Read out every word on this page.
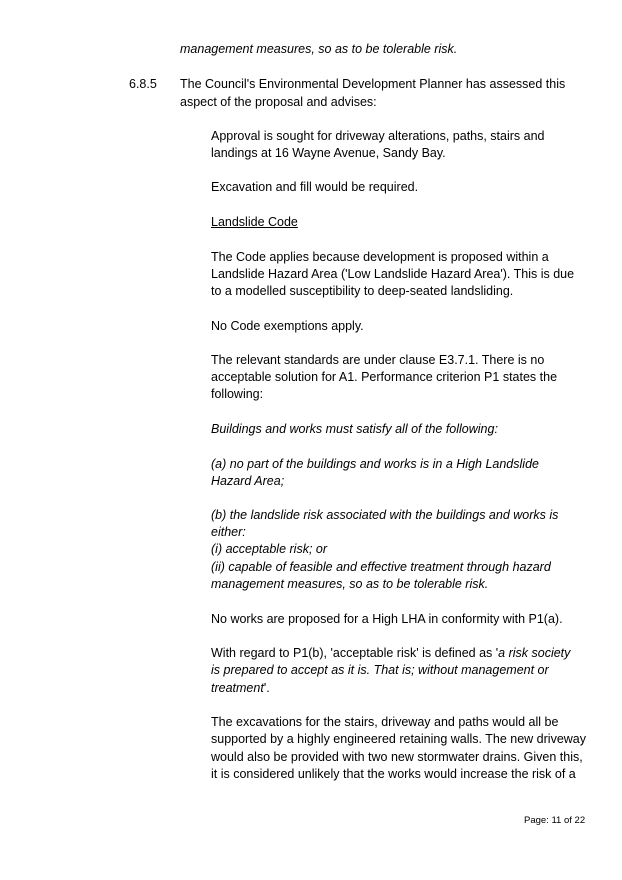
management measures, so as to be tolerable risk.
6.8.5 The Council's Environmental Development Planner has assessed this
aspect of the proposal and advises:
Approval is sought for driveway alterations, paths, stairs and
landings at 16 Wayne Avenue, Sandy Bay.
Excavation and fill would be required.
Landslide Code
The Code applies because development is proposed within a
Landslide Hazard Area ('Low Landslide Hazard Area'). This is due
to a modelled susceptibility to deep-seated landsliding.
No Code exemptions apply.
The relevant standards are under clause E3.7.1. There is no
acceptable solution for A1. Performance criterion P1 states the
following:
Buildings and works must satisfy all of the following:
(a) no part of the buildings and works is in a High Landslide
Hazard Area;
(b) the landslide risk associated with the buildings and works is
either:
(i) acceptable risk; or
(ii) capable of feasible and effective treatment through hazard
management measures, so as to be tolerable risk.
No works are proposed for a High LHA in conformity with P1(a).
With regard to P1(b), 'acceptable risk' is defined as 'a risk society
is prepared to accept as it is. That is; without management or
treatment'.
The excavations for the stairs, driveway and paths would all be
supported by a highly engineered retaining walls. The new driveway
would also be provided with two new stormwater drains. Given this,
it is considered unlikely that the works would increase the risk of a
Page: 11 of 22
